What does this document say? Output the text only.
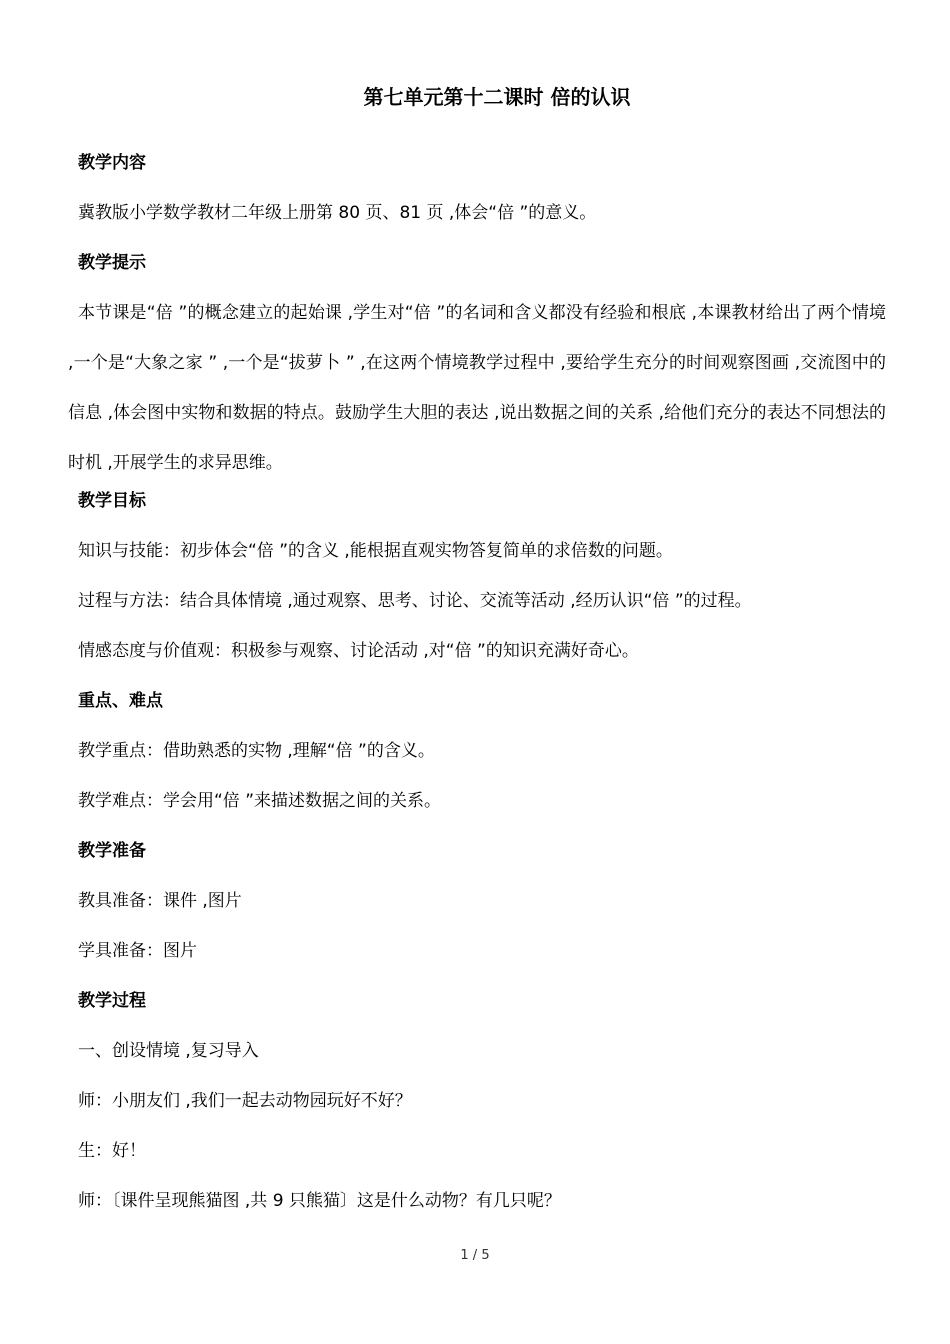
第七单元第十二课时 倍的认识
教学内容
冀教版小学数学教材二年级上册第 80 页、81 页 ,体会“倍 ”的意义。
教学提示

本节课是“倍 ”的概念建立的起始课 ,学生对“倍 ”的名词和含义都没有经验和根底 ,本课教材给出了两个情境 ,一个是“大象之家 ” ,一个是“拔萝卜 ” ,在这两个情境教学过程中 ,要给学生充分的时间观察图画 ,交流图中的信息 ,体会图中实物和数据的特点。鼓励学生大胆的表达 ,说出数据之间的关系 ,给他们充分的表达不同想法的时机 ,开展学生的求异思维。

教学目标
知识与技能：初步体会“倍 ”的含义 ,能根据直观实物答复简单的求倍数的问题。
过程与方法：结合具体情境 ,通过观察、思考、讨论、交流等活动 ,经历认识“倍 ”的过程。
情感态度与价值观：积极参与观察、讨论活动 ,对“倍 ”的知识充满好奇心。
重点、难点
教学重点：借助熟悉的实物 ,理解“倍 ”的含义。
教学难点：学会用“倍 ”来描述数据之间的关系。
教学准备
教具准备：课件 ,图片
学具准备：图片
教学过程
一、创设情境 ,复习导入
师：小朋友们 ,我们一起去动物园玩好不好？
生：好！
师：〔课件呈现熊猫图 ,共 9 只熊猫〕这是什么动物？有几只呢？
1 / 5
